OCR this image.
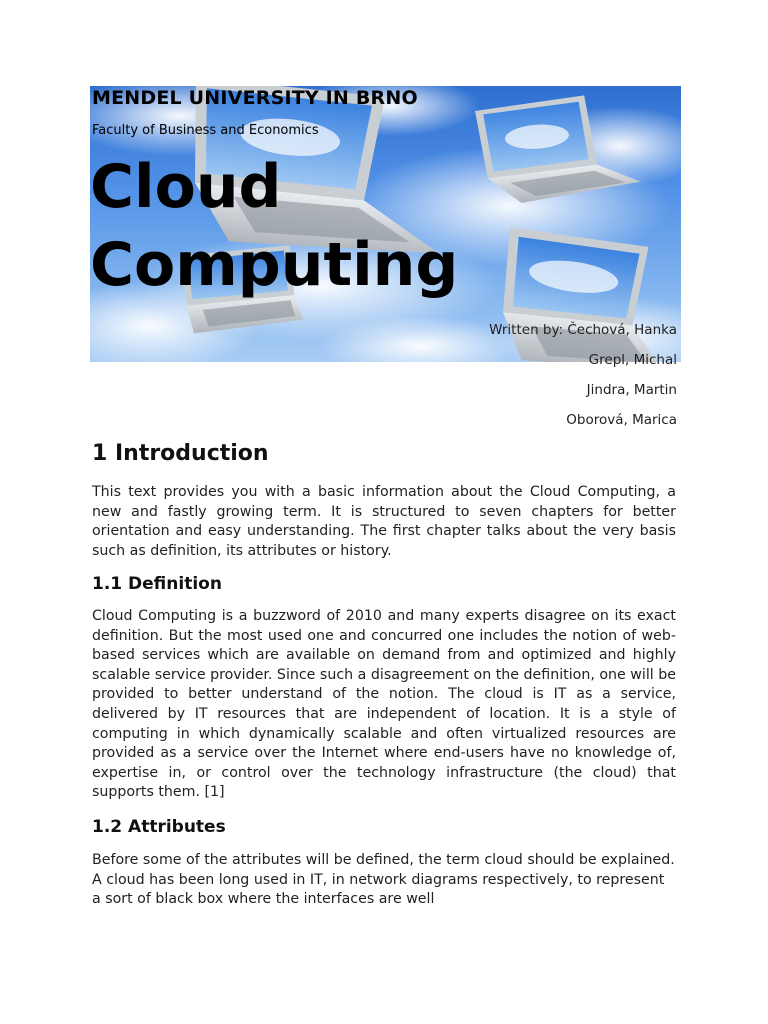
MENDEL UNIVERSITY IN BRNO
Faculty of Business and Economics
Cloud
Computing
Written by: Čechová, Hanka
Grepl, Michal
Jindra, Martin
Oborová, Marica
1 Introduction
This text provides you with a basic information about the Cloud Computing, a new and fastly growing term. It is structured to seven chapters for better orientation and easy understanding. The first chapter talks about the very basis such as definition, its attributes or history.
1.1 Definition
Cloud Computing is a buzzword of 2010 and many experts disagree on its exact definition. But the most used one and concurred one includes the notion of web-based services which are available on demand from and optimized and highly scalable service provider. Since such a disagreement on the definition, one will be provided to better understand of the notion. The cloud is IT as a service, delivered by IT resources that are independent of location. It is a style of computing in which dynamically scalable and often virtualized resources are provided as a service over the Internet where end-users have no knowledge of, expertise in, or control over the technology infrastructure (the cloud) that supports them. [1]
1.2 Attributes
Before some of the attributes will be defined, the term cloud should be explained. A cloud has been long used in IT, in network diagrams respectively, to represent a sort of black box where the interfaces are well
